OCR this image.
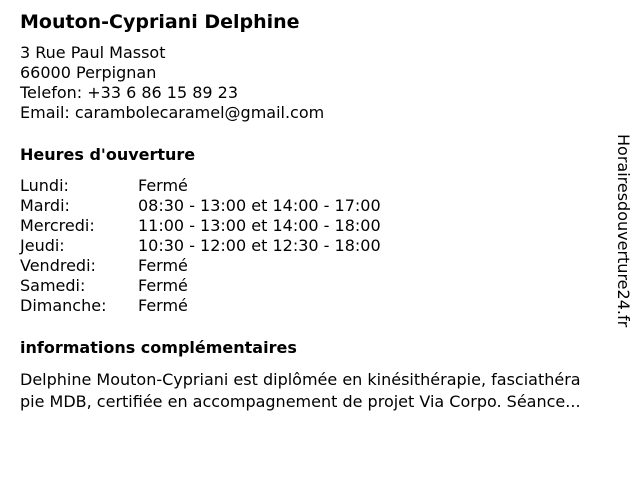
Mouton-Cypriani Delphine
3 Rue Paul Massot
66000 Perpignan
Telefon: +33 6 86 15 89 23
Email: carambolecaramel@gmail.com
Heures d'ouverture
Lundi:	Fermé
Mardi:	08:30 - 13:00 et 14:00 - 17:00
Mercredi:	11:00 - 13:00 et 14:00 - 18:00
Jeudi:	10:30 - 12:00 et 12:30 - 18:00
Vendredi:	Fermé
Samedi:	Fermé
Dimanche: Fermé
informations complémentaires
Delphine Mouton-Cypriani est diplômée en kinésithérapie, fasciathéra
pie MDB, certifiée en accompagnement de projet Via Corpo. Séance...
Horairesdouverture24.fr
